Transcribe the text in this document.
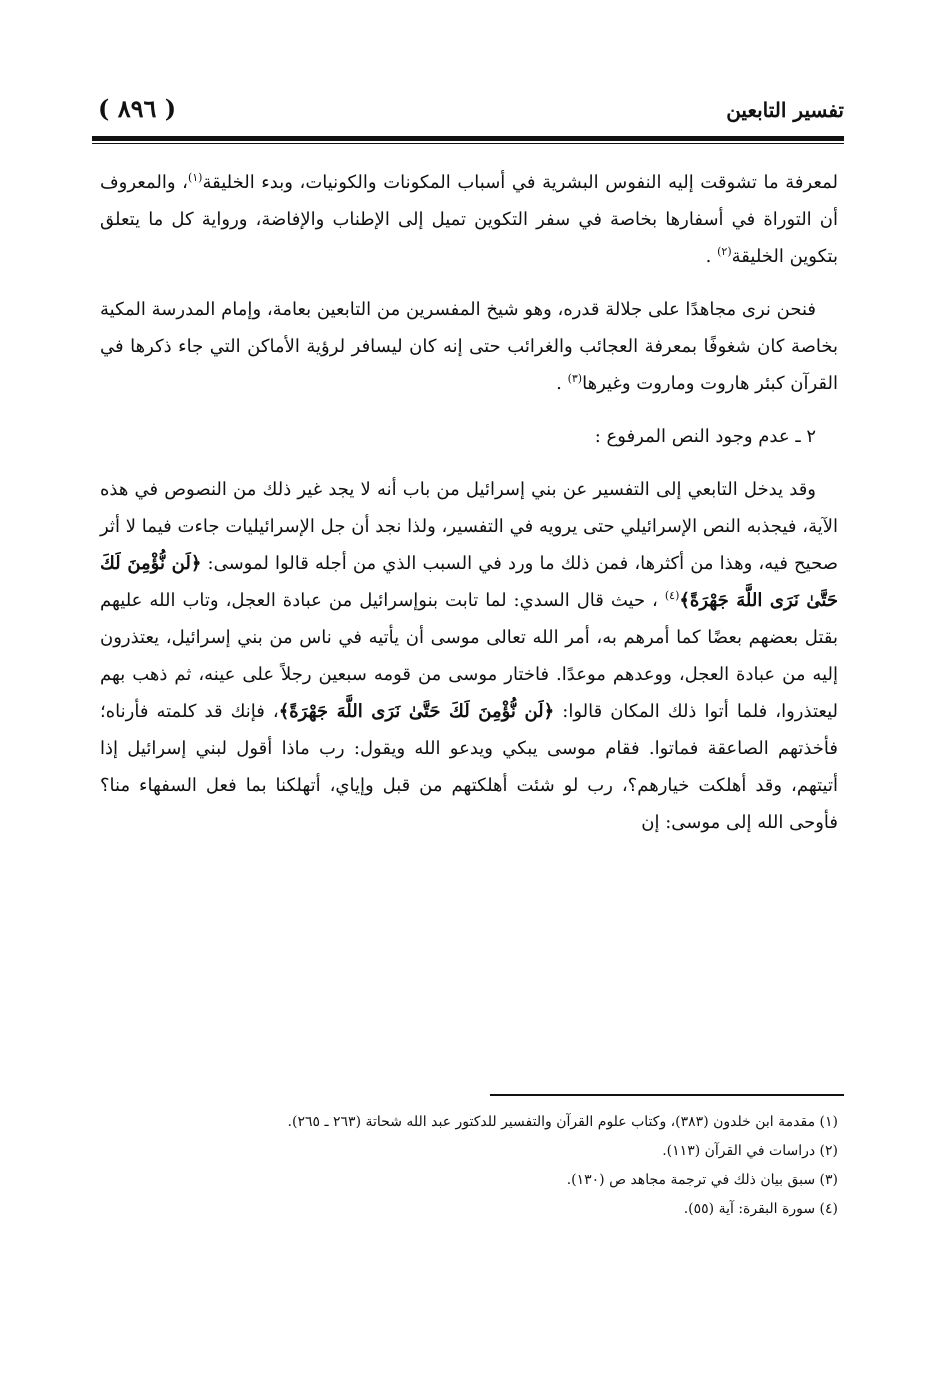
تفسير التابعين
( ٨٩٦ )

لمعرفة ما تشوقت إليه النفوس البشرية في أسباب المكونات والكونيات، وبدء الخليقة$^{(١)}$، والمعروف أن التوراة في أسفارها بخاصة في سفر التكوين تميل إلى الإطناب والإفاضة، ورواية كل ما يتعلق بتكوين الخليقة$^{(٢)}$ .

فنحن نرى مجاهدًا على جلالة قدره، وهو شيخ المفسرين من التابعين بعامة، وإمام المدرسة المكية بخاصة كان شغوفًا بمعرفة العجائب والغرائب حتى إنه كان ليسافر لرؤية الأماكن التي جاء ذكرها في القرآن كبئر هاروت وماروت وغيرها$^{(٣)}$ .

٢ ـ عدم وجود النص المرفوع :

وقد يدخل التابعي إلى التفسير عن بني إسرائيل من باب أنه لا يجد غير ذلك من النصوص في هذه الآية، فيجذبه النص الإسرائيلي حتى يرويه في التفسير، ولذا نجد أن جل الإسرائيليات جاءت فيما لا أثر صحيح فيه، وهذا من أكثرها، فمن ذلك ما ورد في السبب الذي من أجله قالوا لموسى: ﴿لَن نُّؤْمِنَ لَكَ حَتَّىٰ نَرَى اللَّهَ جَهْرَةً﴾$^{(٤)}$ ، حيث قال السدي: لما تابت بنوإسرائيل من عبادة العجل، وتاب الله عليهم بقتل بعضهم بعضًا كما أمرهم به، أمر الله تعالى موسى أن يأتيه في ناس من بني إسرائيل، يعتذرون إليه من عبادة العجل، ووعدهم موعدًا. فاختار موسى من قومه سبعين رجلاً على عينه، ثم ذهب بهم ليعتذروا، فلما أتوا ذلك المكان قالوا: ﴿لَن نُّؤْمِنَ لَكَ حَتَّىٰ نَرَى اللَّهَ جَهْرَةً﴾، فإنك قد كلمته فأرناه؛ فأخذتهم الصاعقة فماتوا. فقام موسى يبكي ويدعو الله ويقول: رب ماذا أقول لبني إسرائيل إذا أتيتهم، وقد أهلكت خيارهم؟، رب لو شئت أهلكتهم من قبل وإياي، أتهلكنا بما فعل السفهاء منا؟ فأوحى الله إلى موسى: إن

(١) مقدمة ابن خلدون (٣٨٣)، وكتاب علوم القرآن والتفسير للدكتور عبد الله شحاتة (٢٦٣ ـ ٢٦٥).

(٢) دراسات في القرآن (١١٣).

(٣) سبق بيان ذلك في ترجمة مجاهد ص (١٣٠).

(٤) سورة البقرة: آية (٥٥).
